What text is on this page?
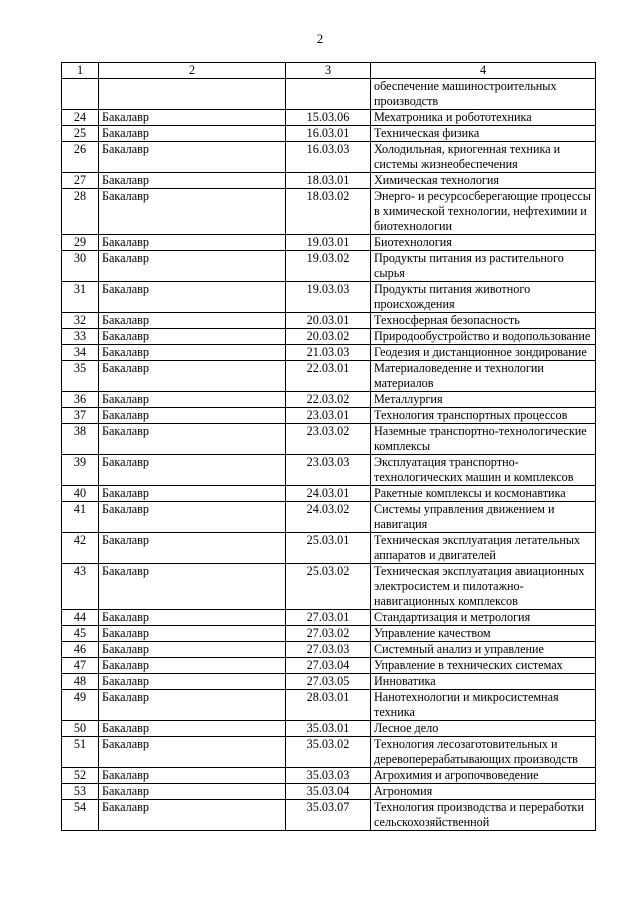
2
1	2	3	4
			обеспечение машиностроительных производств
24	Бакалавр	15.03.06	Мехатроника и робототехника
25	Бакалавр	16.03.01	Техническая физика
26	Бакалавр	16.03.03	Холодильная, криогенная техника и системы жизнеобеспечения
27	Бакалавр	18.03.01	Химическая технология
28	Бакалавр	18.03.02	Энерго- и ресурсосберегающие процессы в химической технологии, нефтехимии и биотехнологии
29	Бакалавр	19.03.01	Биотехнология
30	Бакалавр	19.03.02	Продукты питания из растительного сырья
31	Бакалавр	19.03.03	Продукты питания животного происхождения
32	Бакалавр	20.03.01	Техносферная безопасность
33	Бакалавр	20.03.02	Природообустройство и водопользование
34	Бакалавр	21.03.03	Геодезия и дистанционное зондирование
35	Бакалавр	22.03.01	Материаловедение и технологии материалов
36	Бакалавр	22.03.02	Металлургия
37	Бакалавр	23.03.01	Технология транспортных процессов
38	Бакалавр	23.03.02	Наземные транспортно-технологические комплексы
39	Бакалавр	23.03.03	Эксплуатация транспортно-технологических машин и комплексов
40	Бакалавр	24.03.01	Ракетные комплексы и космонавтика
41	Бакалавр	24.03.02	Системы управления движением и навигация
42	Бакалавр	25.03.01	Техническая эксплуатация летательных аппаратов и двигателей
43	Бакалавр	25.03.02	Техническая эксплуатация авиационных электросистем и пилотажно-навигационных комплексов
44	Бакалавр	27.03.01	Стандартизация и метрология
45	Бакалавр	27.03.02	Управление качеством
46	Бакалавр	27.03.03	Системный анализ и управление
47	Бакалавр	27.03.04	Управление в технических системах
48	Бакалавр	27.03.05	Инноватика
49	Бакалавр	28.03.01	Нанотехнологии и микросистемная техника
50	Бакалавр	35.03.01	Лесное дело
51	Бакалавр	35.03.02	Технология лесозаготовительных и деревоперерабатывающих производств
52	Бакалавр	35.03.03	Агрохимия и агропочвоведение
53	Бакалавр	35.03.04	Агрономия
54	Бакалавр	35.03.07	Технология производства и переработки сельскохозяйственной
